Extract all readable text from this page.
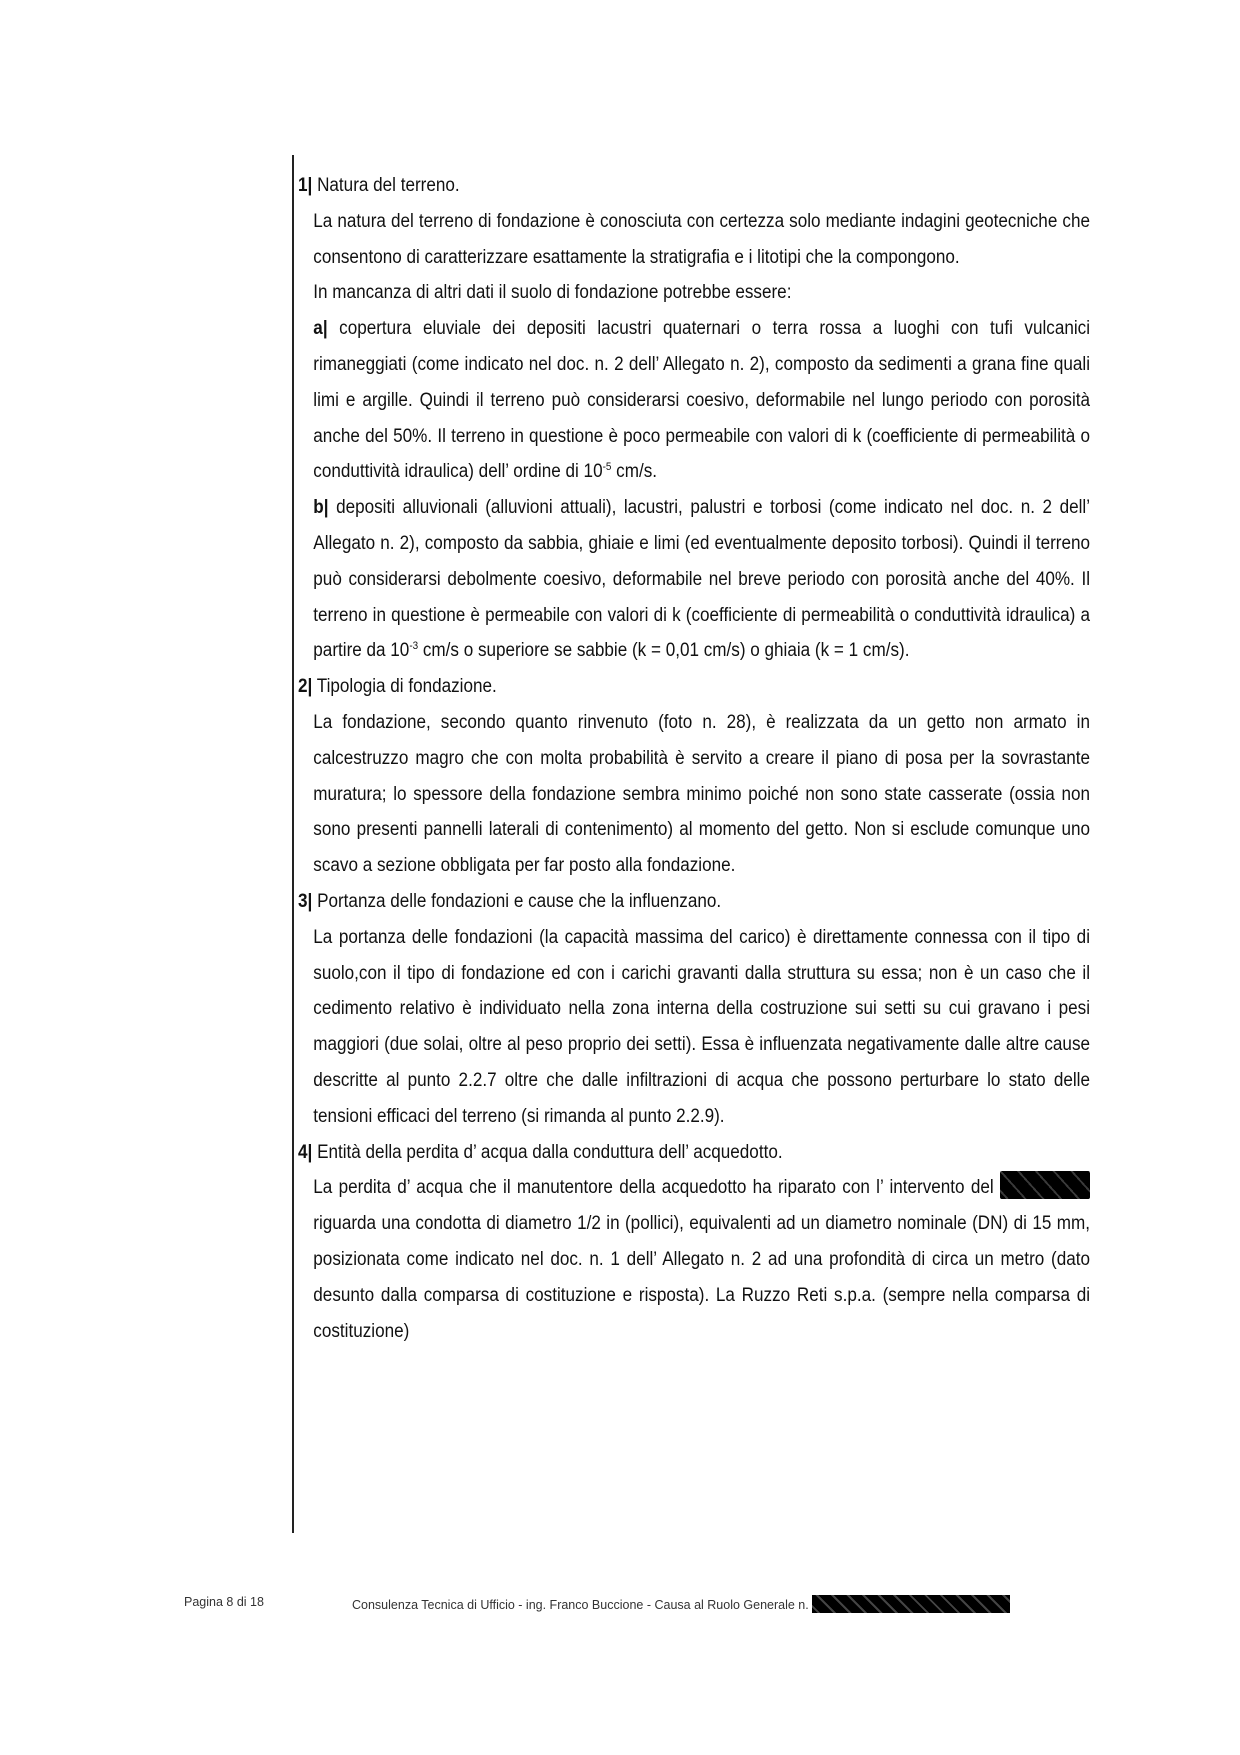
1| Natura del terreno.

La natura del terreno di fondazione è conosciuta con certezza solo mediante indagini geotecniche che consentono di caratterizzare esattamente la stratigrafia e i litotipi che la compongono.

In mancanza di altri dati il suolo di fondazione potrebbe essere:

a| copertura eluviale dei depositi lacustri quaternari o terra rossa a luoghi con tufi vulcanici rimaneggiati (come indicato nel doc. n. 2 dell’ Allegato n. 2), composto da sedimenti a grana fine quali limi e argille. Quindi il terreno può considerarsi coesivo, deformabile nel lungo periodo con porosità anche del 50%. Il terreno in questione è poco permeabile con valori di k (coefficiente di permeabilità o conduttività idraulica) dell’ ordine di $10^{-5}$ cm/s.

b| depositi alluvionali (alluvioni attuali), lacustri, palustri e torbosi (come indicato nel doc. n. 2 dell’ Allegato n. 2), composto da sabbia, ghiaie e limi (ed eventualmente deposito torbosi). Quindi il terreno può considerarsi debolmente coesivo, deformabile nel breve periodo con porosità anche del 40%. Il terreno in questione è permeabile con valori di k (coefficiente di permeabilità o conduttività idraulica) a partire da $10^{-3}$ cm/s o superiore se sabbie (k = 0,01 cm/s) o ghiaia (k = 1 cm/s).

2| Tipologia di fondazione.

La fondazione, secondo quanto rinvenuto (foto n. 28), è realizzata da un getto non armato in calcestruzzo magro che con molta probabilità è servito a creare il piano di posa per la sovrastante muratura; lo spessore della fondazione sembra minimo poiché non sono state casserate (ossia non sono presenti pannelli laterali di contenimento) al momento del getto. Non si esclude comunque uno scavo a sezione obbligata per far posto alla fondazione.

3| Portanza delle fondazioni e cause che la influenzano.

La portanza delle fondazioni (la capacità massima del carico) è direttamente connessa con il tipo di suolo,con il tipo di fondazione ed con i carichi gravanti dalla struttura su essa; non è un caso che il cedimento relativo è individuato nella zona interna della costruzione sui setti su cui gravano i pesi maggiori (due solai, oltre al peso proprio dei setti). Essa è influenzata negativamente dalle altre cause descritte al punto 2.2.7 oltre che dalle infiltrazioni di acqua che possono perturbare lo stato delle tensioni efficaci del terreno (si rimanda al punto 2.2.9).

4| Entità della perdita d’ acqua dalla conduttura dell’ acquedotto.

La perdita d’ acqua che il manutentore della acquedotto ha riparato con l’ intervento del  riguarda una condotta di diametro 1/2 in (pollici), equivalenti ad un diametro nominale (DN) di 15 mm, posizionata come indicato nel doc. n. 1 dell’ Allegato n. 2 ad una profondità di circa un metro (dato desunto dalla comparsa di costituzione e risposta). La Ruzzo Reti s.p.a. (sempre nella comparsa di costituzione)

Pagina 8 di 18	Consulenza Tecnica di Ufficio - ing. Franco Buccione - Causa al Ruolo Generale n.
